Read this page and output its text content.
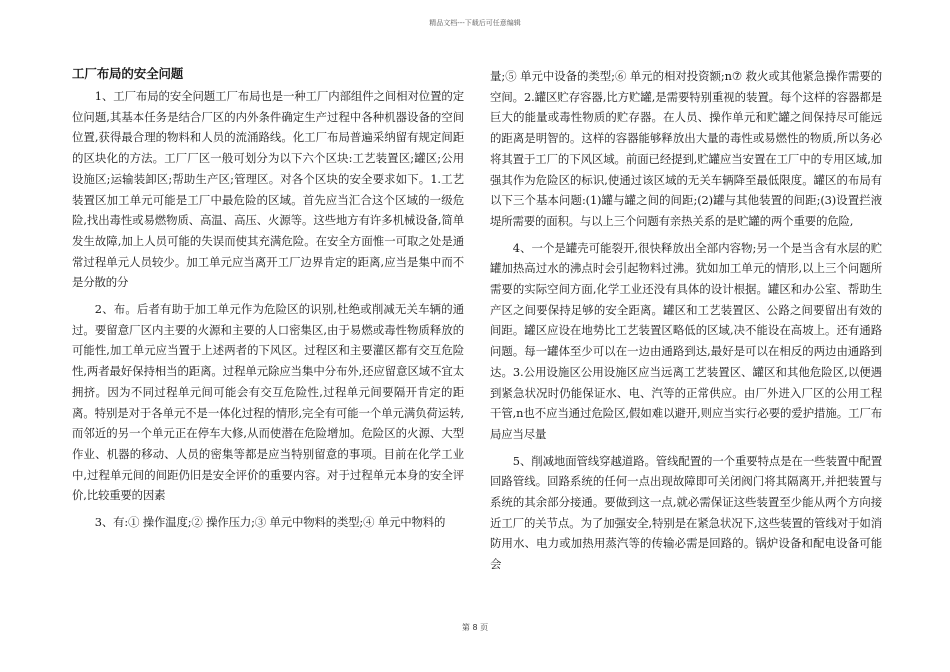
精品文档---下载后可任意编辑
工厂布局的安全问题

1、工厂布局的安全问题工厂布局也是一种工厂内部组件之间相对位置的定位问题,其基本任务是结合厂区的内外条件确定生产过程中各种机器设备的空间位置,获得最合理的物料和人员的流涌路线。化工厂布局普遍采纳留有规定间距的区块化的方法。工厂厂区一般可划分为以下六个区块:工艺装置区;罐区;公用设施区;运输装卸区;帮助生产区;管理区。对各个区块的安全要求如下。1.工艺装置区加工单元可能是工厂中最危险的区域。首先应当汇合这个区域的一级危险,找出毒性或易燃物质、高温、高压、火源等。这些地方有许多机械设备,简单发生故障,加上人员可能的失误而使其充满危险。在安全方面惟一可取之处是通常过程单元人员较少。加工单元应当离开工厂边界肯定的距离,应当是集中而不是分散的分

2、布。后者有助于加工单元作为危险区的识别,杜绝或削减无关车辆的通过。要留意厂区内主要的火源和主要的人口密集区,由于易燃或毒性物质释放的可能性,加工单元应当置于上述两者的下风区。过程区和主要灌区都有交互危险性,两者最好保持相当的距离。过程单元除应当集中分布外,还应留意区域不宜太拥挤。因为不同过程单元间可能会有交互危险性,过程单元间要隔开肯定的距离。特别是对于各单元不是一体化过程的情形,完全有可能一个单元满负荷运转,而邻近的另一个单元正在停车大修,从而使潜在危险增加。危险区的火源、大型作业、机器的移动、人员的密集等都是应当特别留意的事项。目前在化学工业中,过程单元间的间距仍旧是安全评价的重要内容。对于过程单元本身的安全评价,比较重要的因素

3、有:① 操作温度;② 操作压力;③ 单元中物料的类型;④ 单元中物料的

量;⑤ 单元中设备的类型;⑥ 单元的相对投资额;n⑦ 救火或其他紧急操作需要的空间。2.罐区贮存容器,比方贮罐,是需要特别重视的装置。每个这样的容器都是巨大的能量或毒性物质的贮存器。在人员、操作单元和贮罐之间保持尽可能远的距离是明智的。这样的容器能够释放出大量的毒性或易燃性的物质,所以务必将其置于工厂的下风区域。前面已经提到,贮罐应当安置在工厂中的专用区域,加强其作为危险区的标识,使通过该区域的无关车辆降至最低限度。罐区的布局有以下三个基本问题:(1)罐与罐之间的间距;(2)罐与其他装置的间距;(3)设置拦液堤所需要的面积。与以上三个问题有亲热关系的是贮罐的两个重要的危险,

4、一个是罐壳可能裂开,很快释放出全部内容物;另一个是当含有水层的贮罐加热高过水的沸点时会引起物料过沸。犹如加工单元的情形,以上三个问题所需要的实际空间方面,化学工业还没有具体的设计根据。罐区和办公室、帮助生产区之间要保持足够的安全距离。罐区和工艺装置区、公路之间要留出有效的间距。罐区应设在地势比工艺装置区略低的区域,决不能设在高坡上。还有通路问题。每一罐体至少可以在一边由通路到达,最好是可以在相反的两边由通路到达。3.公用设施区公用设施区应当远离工艺装置区、罐区和其他危险区,以便遇到紧急状况时仍能保证水、电、汽等的正常供应。由厂外进入厂区的公用工程干管,n也不应当通过危险区,假如难以避开,则应当实行必要的爱护措施。工厂布局应当尽量

5、削减地面管线穿越道路。管线配置的一个重要特点是在一些装置中配置回路管线。回路系统的任何一点出现故障即可关闭阀门将其隔离开,并把装置与系统的其余部分接通。要做到这一点,就必需保证这些装置至少能从两个方向接近工厂的关节点。为了加强安全,特别是在紧急状况下,这些装置的管线对于如消防用水、电力或加热用蒸汽等的传输必需是回路的。锅炉设备和配电设备可能会

第 8 页
